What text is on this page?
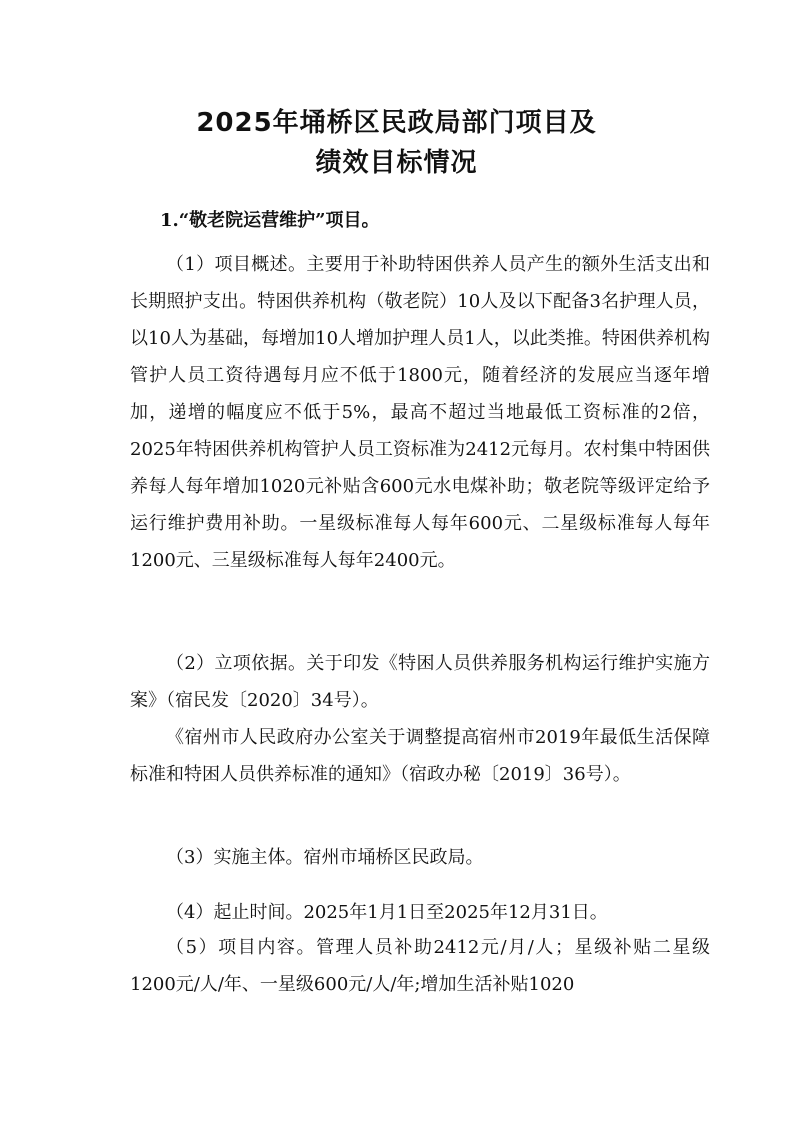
2025年埇桥区民政局部门项目及
绩效目标情况
1.“敬老院运营维护”项目。

（1）项目概述。主要用于补助特困供养人员产生的额外生活支出和长期照护支出。特困供养机构（敬老院）10人及以下配备3名护理人员，以10人为基础，每增加10人增加护理人员1人，以此类推。特困供养机构管护人员工资待遇每月应不低于1800元，随着经济的发展应当逐年增加，递增的幅度应不低于5%，最高不超过当地最低工资标准的2倍，2025年特困供养机构管护人员工资标准为2412元每月。农村集中特困供养每人每年增加1020元补贴含600元水电煤补助；敬老院等级评定给予运行维护费用补助。一星级标准每人每年600元、二星级标准每人每年1200元、三星级标准每人每年2400元。

（2）立项依据。关于印发《特困人员供养服务机构运行维护实施方案》（宿民发〔2020〕34号）。

《宿州市人民政府办公室关于调整提高宿州市2019年最低生活保障标准和特困人员供养标准的通知》（宿政办秘〔2019〕36号）。

（3）实施主体。宿州市埇桥区民政局。

（4）起止时间。2025年1月1日至2025年12月31日。

（5）项目内容。管理人员补助2412元/月/人；星级补贴二星级1200元/人/年、一星级600元/人/年;增加生活补贴1020
